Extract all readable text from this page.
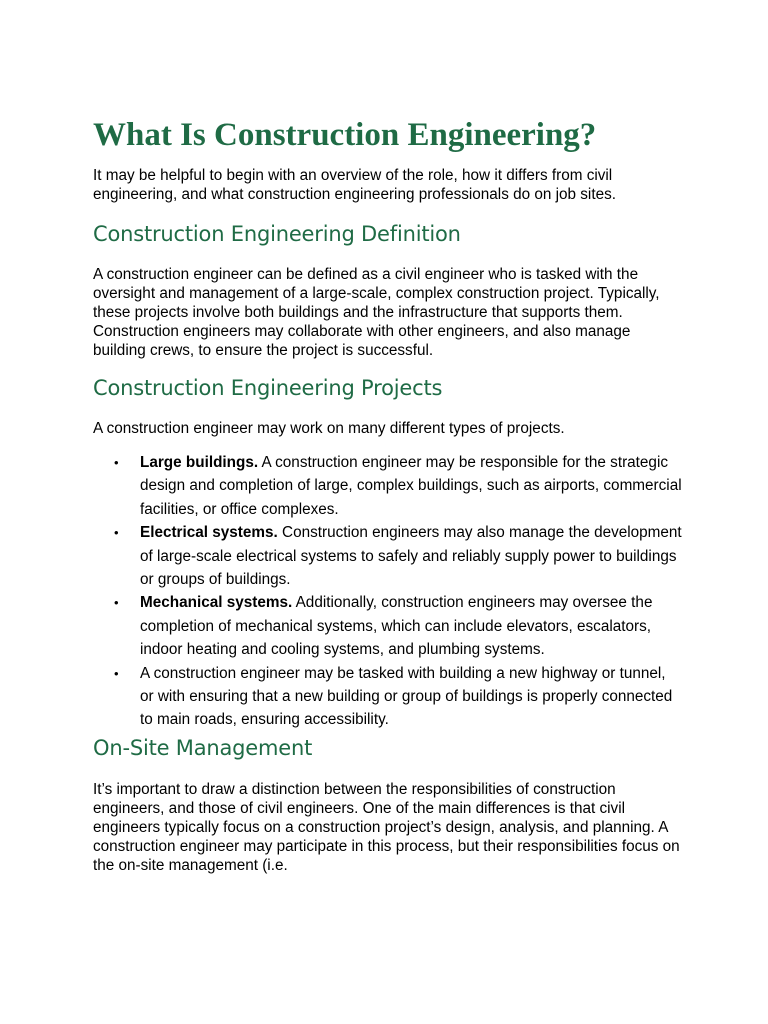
What Is Construction Engineering?

It may be helpful to begin with an overview of the role, how it differs from civil engineering, and what construction engineering professionals do on job sites.

Construction Engineering Definition

A construction engineer can be defined as a civil engineer who is tasked with the oversight and management of a large-scale, complex construction project. Typically, these projects involve both buildings and the infrastructure that supports them. Construction engineers may collaborate with other engineers, and also manage building crews, to ensure the project is successful.

Construction Engineering Projects

A construction engineer may work on many different types of projects.

• Large buildings. A construction engineer may be responsible for the strategic design and completion of large, complex buildings, such as airports, commercial facilities, or office complexes.
• Electrical systems. Construction engineers may also manage the development of large-scale electrical systems to safely and reliably supply power to buildings or groups of buildings.
• Mechanical systems. Additionally, construction engineers may oversee the completion of mechanical systems, which can include elevators, escalators, indoor heating and cooling systems, and plumbing systems.
• A construction engineer may be tasked with building a new highway or tunnel, or with ensuring that a new building or group of buildings is properly connected to main roads, ensuring accessibility.
On-Site Management

It’s important to draw a distinction between the responsibilities of construction engineers, and those of civil engineers. One of the main differences is that civil engineers typically focus on a construction project’s design, analysis, and planning. A construction engineer may participate in this process, but their responsibilities focus on the on-site management (i.e.
